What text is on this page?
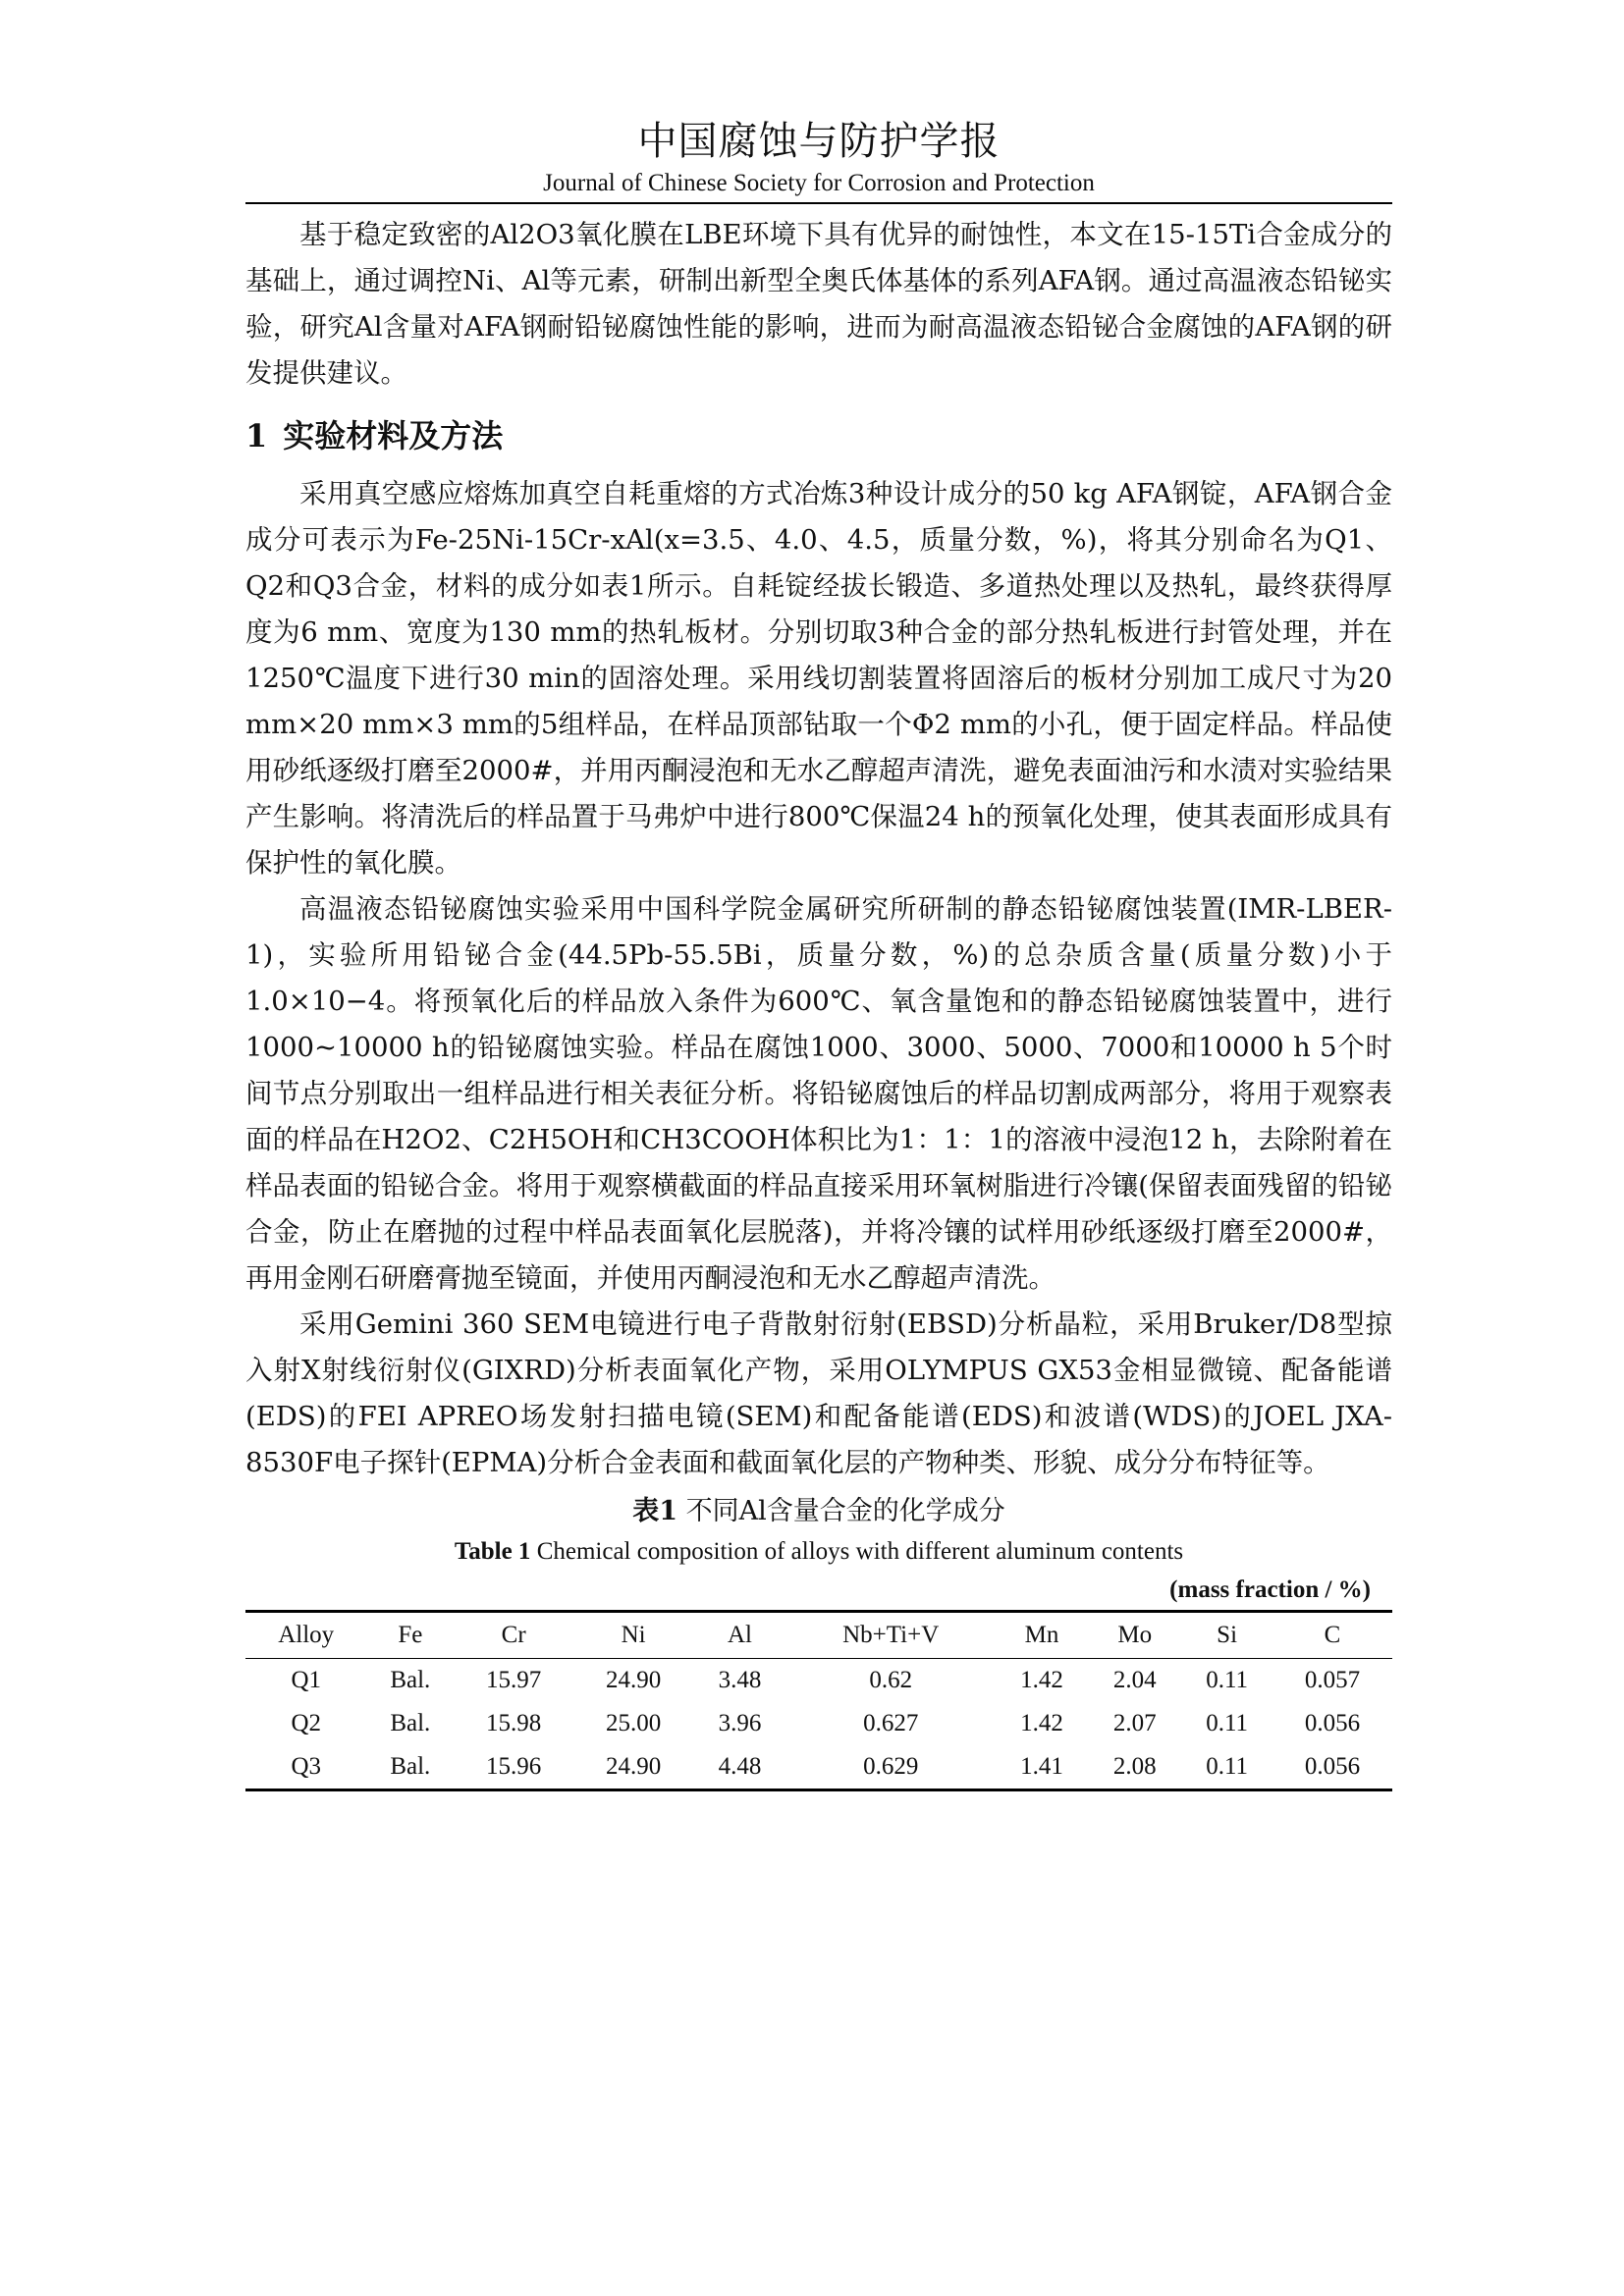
中国腐蚀与防护学报
Journal of Chinese Society for Corrosion and Protection

基于稳定致密的Al2O3氧化膜在LBE环境下具有优异的耐蚀性，本文在15-15Ti合金成分的基础上，通过调控Ni、Al等元素，研制出新型全奥氏体基体的系列AFA钢。通过高温液态铅铋实验，研究Al含量对AFA钢耐铅铋腐蚀性能的影响，进而为耐高温液态铅铋合金腐蚀的AFA钢的研发提供建议。

1 实验材料及方法

采用真空感应熔炼加真空自耗重熔的方式冶炼3种设计成分的50 kg AFA钢锭，AFA钢合金成分可表示为Fe-25Ni-15Cr-xAl(x=3.5、4.0、4.5，质量分数，%)，将其分别命名为Q1、Q2和Q3合金，材料的成分如表1所示。自耗锭经拔长锻造、多道热处理以及热轧，最终获得厚度为6 mm、宽度为130 mm的热轧板材。分别切取3种合金的部分热轧板进行封管处理，并在1250℃温度下进行30 min的固溶处理。采用线切割装置将固溶后的板材分别加工成尺寸为20 mm×20 mm×3 mm的5组样品，在样品顶部钻取一个Φ2 mm的小孔，便于固定样品。样品使用砂纸逐级打磨至2000#，并用丙酮浸泡和无水乙醇超声清洗，避免表面油污和水渍对实验结果产生影响。将清洗后的样品置于马弗炉中进行800℃保温24 h的预氧化处理，使其表面形成具有保护性的氧化膜。

高温液态铅铋腐蚀实验采用中国科学院金属研究所研制的静态铅铋腐蚀装置(IMR-LBER-1)，实验所用铅铋合金(44.5Pb-55.5Bi，质量分数，%)的总杂质含量(质量分数)小于1.0×10−4。将预氧化后的样品放入条件为600℃、氧含量饱和的静态铅铋腐蚀装置中，进行1000~10000 h的铅铋腐蚀实验。样品在腐蚀1000、3000、5000、7000和10000 h 5个时间节点分别取出一组样品进行相关表征分析。将铅铋腐蚀后的样品切割成两部分，将用于观察表面的样品在H2O2、C2H5OH和CH3COOH体积比为1：1：1的溶液中浸泡12 h，去除附着在样品表面的铅铋合金。将用于观察横截面的样品直接采用环氧树脂进行冷镶(保留表面残留的铅铋合金，防止在磨抛的过程中样品表面氧化层脱落)，并将冷镶的试样用砂纸逐级打磨至2000#，再用金刚石研磨膏抛至镜面，并使用丙酮浸泡和无水乙醇超声清洗。

采用Gemini 360 SEM电镜进行电子背散射衍射(EBSD)分析晶粒，采用Bruker/D8型掠入射X射线衍射仪(GIXRD)分析表面氧化产物，采用OLYMPUS GX53金相显微镜、配备能谱(EDS)的FEI APREO场发射扫描电镜(SEM)和配备能谱(EDS)和波谱(WDS)的JOEL JXA-8530F电子探针(EPMA)分析合金表面和截面氧化层的产物种类、形貌、成分分布特征等。

表1 不同Al含量合金的化学成分
Table 1 Chemical composition of alloys with different aluminum contents
(mass fraction / %)
Alloy	Fe	Cr	Ni	Al	Nb+Ti+V	Mn	Mo	Si	C
Q1	Bal.	15.97	24.90	3.48	0.62	1.42	2.04	0.11	0.057
Q2	Bal.	15.98	25.00	3.96	0.627	1.42	2.07	0.11	0.056
Q3	Bal.	15.96	24.90	4.48	0.629	1.41	2.08	0.11	0.056
